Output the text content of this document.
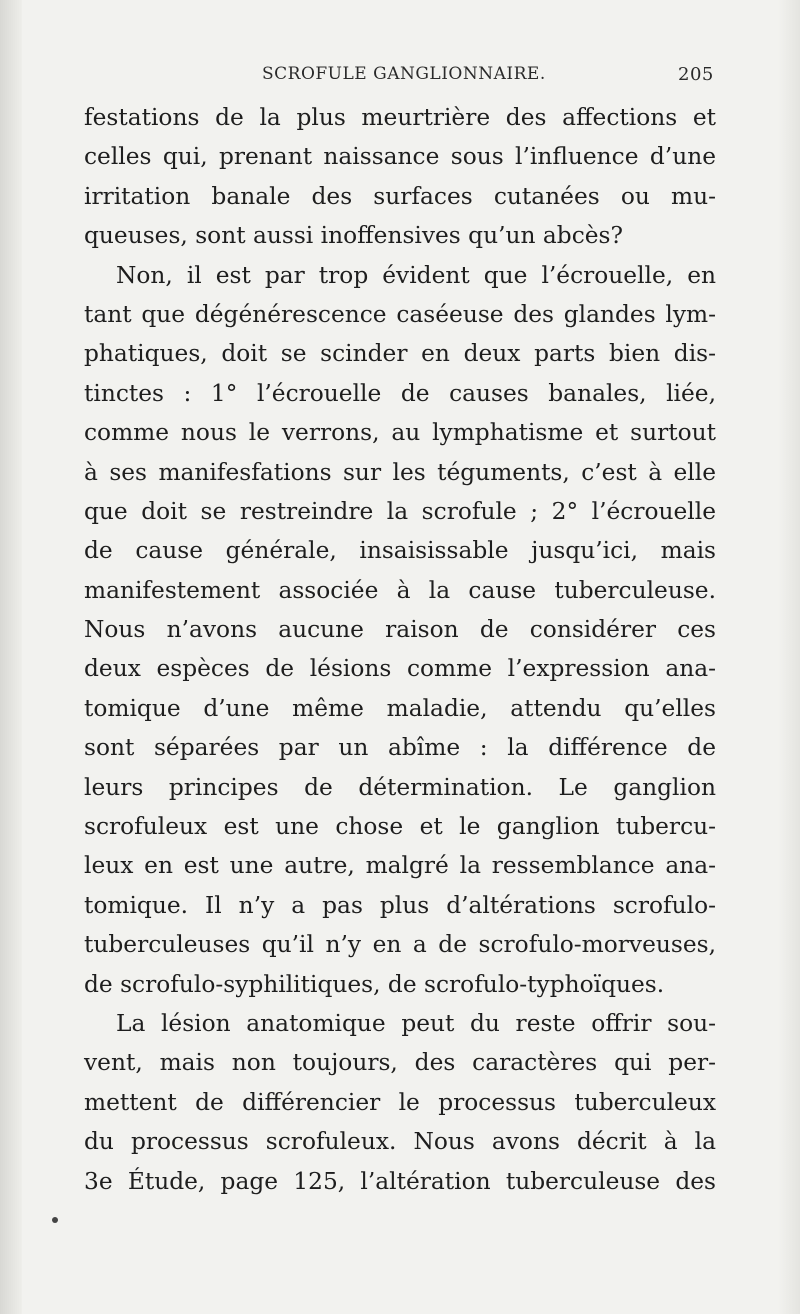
SCROFULE GANGLIONNAIRE.	205
festations de la plus meurtrière des affections et
celles qui, prenant naissance sous l’influence d’une
irritation banale des surfaces cutanées ou mu-
queuses, sont aussi inoffensives qu’un abcès?
Non, il est par trop évident que l’écrouelle, en
tant que dégénérescence caséeuse des glandes lym-
phatiques, doit se scinder en deux parts bien dis-
tinctes : 1° l’écrouelle de causes banales, liée,
comme nous le verrons, au lymphatisme et surtout
à ses manifesfations sur les téguments, c’est à elle
que doit se restreindre la scrofule ; 2° l’écrouelle
de cause générale, insaisissable jusqu’ici, mais
manifestement associée à la cause tuberculeuse.
Nous n’avons aucune raison de considérer ces
deux espèces de lésions comme l’expression ana-
tomique d’une même maladie, attendu qu’elles
sont séparées par un abîme : la différence de
leurs principes de détermination. Le ganglion
scrofuleux est une chose et le ganglion tubercu-
leux en est une autre, malgré la ressemblance ana-
tomique. Il n’y a pas plus d’altérations scrofulo-
tuberculeuses qu’il n’y en a de scrofulo-morveuses,
de scrofulo-syphilitiques, de scrofulo-typhoïques.
La lésion anatomique peut du reste offrir sou-
vent, mais non toujours, des caractères qui per-
mettent de différencier le processus tuberculeux
du processus scrofuleux. Nous avons décrit à la
3e Étude, page 125, l’altération tuberculeuse des
